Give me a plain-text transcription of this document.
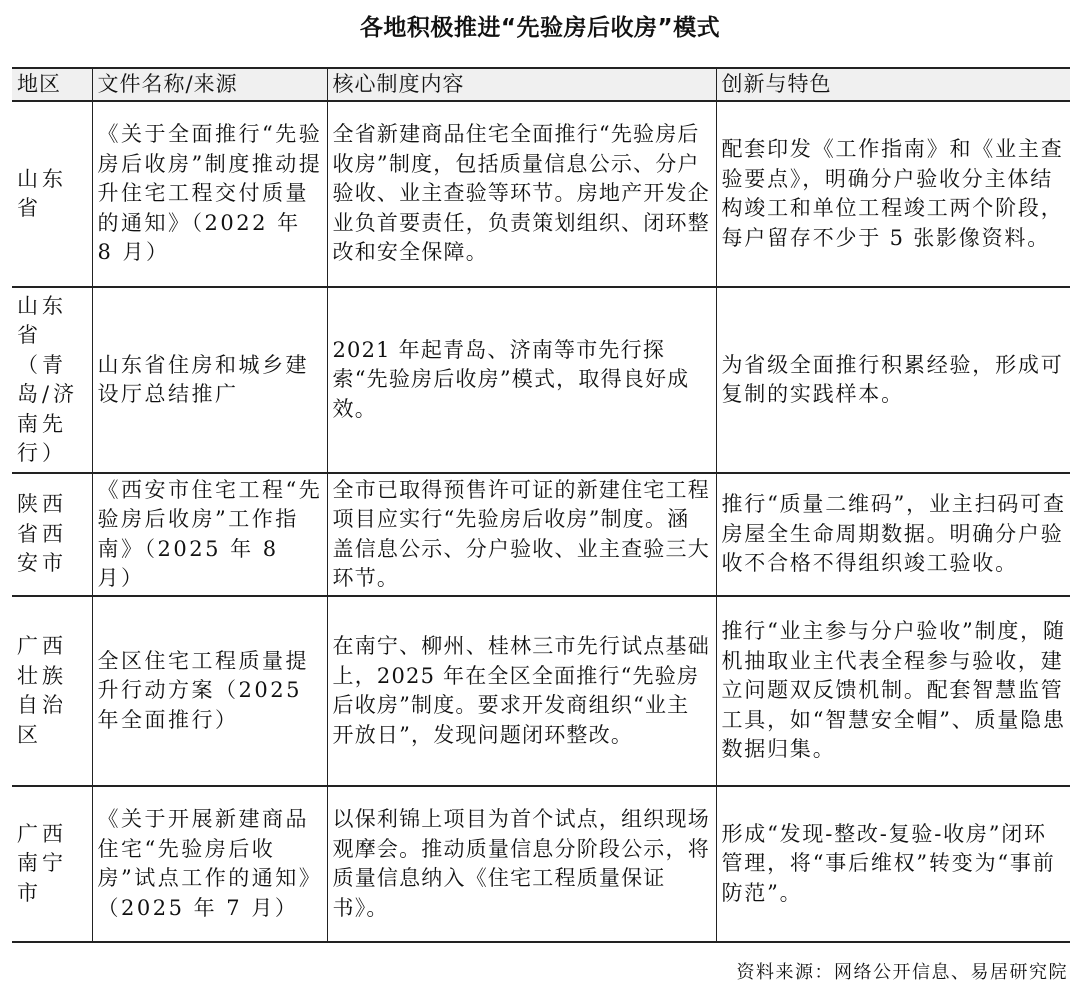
各地积极推进“先验房后收房”模式
地区	文件名称/来源	核心制度内容	创新与特色
山东省	《关于全面推行“先验房后收房”制度推动提升住宅工程交付质量的通知》（2022 年 8 月）	全省新建商品住宅全面推行“先验房后收房”制度，包括质量信息公示、分户验收、业主查验等环节。房地产开发企业负首要责任，负责策划组织、闭环整改和安全保障。	配套印发《工作指南》和《业主查验要点》，明确分户验收分主体结构竣工和单位工程竣工两个阶段，每户留存不少于 5 张影像资料。
山东省（青岛/济南先行）	山东省住房和城乡建设厅总结推广	2021 年起青岛、济南等市先行探索“先验房后收房”模式，取得良好成效。	为省级全面推行积累经验，形成可复制的实践样本。
陕西省西安市	《西安市住宅工程“先验房后收房”工作指南》（2025 年 8 月）	全市已取得预售许可证的新建住宅工程项目应实行“先验房后收房”制度。涵盖信息公示、分户验收、业主查验三大环节。	推行“质量二维码”，业主扫码可查房屋全生命周期数据。明确分户验收不合格不得组织竣工验收。
广西壮族自治区	全区住宅工程质量提升行动方案（2025 年全面推行）	在南宁、柳州、桂林三市先行试点基础上，2025 年在全区全面推行“先验房后收房”制度。要求开发商组织“业主开放日”，发现问题闭环整改。	推行“业主参与分户验收”制度，随机抽取业主代表全程参与验收，建立问题双反馈机制。配套智慧监管工具，如“智慧安全帽”、质量隐患数据归集。
广西南宁市	《关于开展新建商品住宅“先验房后收房”试点工作的通知》（2025 年 7 月）	以保利锦上项目为首个试点，组织现场观摩会。推动质量信息分阶段公示，将质量信息纳入《住宅工程质量保证书》。	形成“发现-整改-复验-收房”闭环管理，将“事后维权”转变为“事前防范”。
资料来源：网络公开信息、易居研究院
